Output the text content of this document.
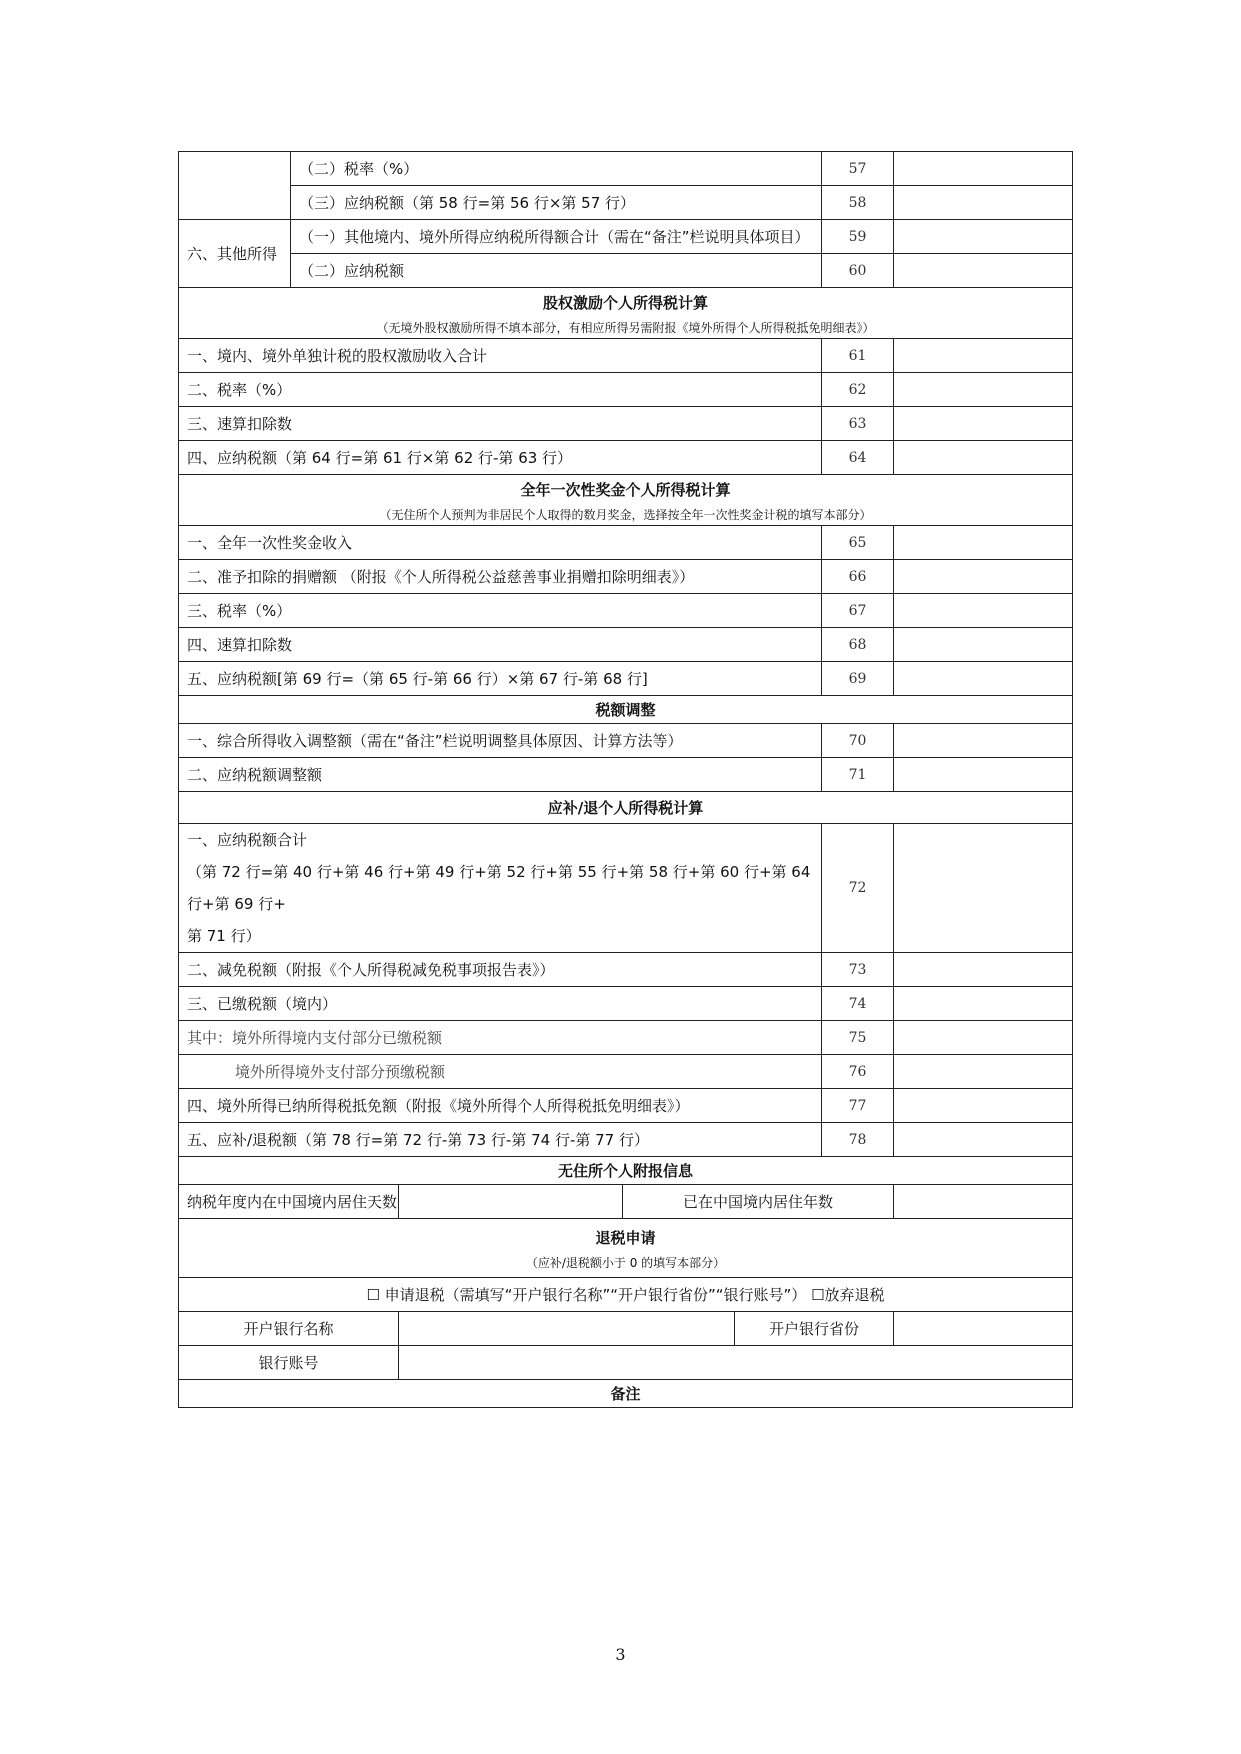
	（二）税率（%）				57	
	（三）应纳税额（第 58 行=第 56 行×第 57 行）				58	
六、其他所得	（一）其他境内、境外所得应纳税所得额合计（需在“备注”栏说明具体项目）				59	
	（二）应纳税额				60	

股权激励个人所得税计算
（无境外股权激励所得不填本部分，有相应所得另需附报《境外所得个人所得税抵免明细表》）						

一、境内、境外单独计税的股权激励收入合计					61	
二、税率（%）					62	
三、速算扣除数					63	
四、应纳税额（第 64 行=第 61 行×第 62 行-第 63 行）					64	

全年一次性奖金个人所得税计算
（无住所个人预判为非居民个人取得的数月奖金，选择按全年一次性奖金计税的填写本部分）						

一、全年一次性奖金收入					65	
二、准予扣除的捐赠额 （附报《个人所得税公益慈善事业捐赠扣除明细表》）					66	
三、税率（%）					67	
四、速算扣除数					68	
五、应纳税额[第 69 行=（第 65 行-第 66 行）×第 67 行-第 68 行]					69	
税额调整						
一、综合所得收入调整额（需在“备注”栏说明调整具体原因、计算方法等）					70	
二、应纳税额调整额					71	
应补/退个人所得税计算						

一、应纳税额合计
（第 72 行=第 40 行+第 46 行+第 49 行+第 52 行+第 55 行+第 58 行+第 60 行+第 64 行+第 69 行+
第 71 行）					72	
二、减免税额（附报《个人所得税减免税事项报告表》）					73	
三、已缴税额（境内）					74	
其中：境外所得境内支付部分已缴税额					75	
境外所得境外支付部分预缴税额					76	
四、境外所得已纳所得税抵免额（附报《境外所得个人所得税抵免明细表》）					77	
五、应补/退税额（第 78 行=第 72 行-第 73 行-第 74 行-第 77 行）					78	
无住所个人附报信息						
纳税年度内在中国境内居住天数			已在中国境内居住年数			

退税申请
（应补/退税额小于 0 的填写本部分）						

☐ 申请退税（需填写“开户银行名称”“开户银行省份”“银行账号”） ☐放弃退税						
开户银行名称				开户银行省份		
银行账号						
备注						
3
